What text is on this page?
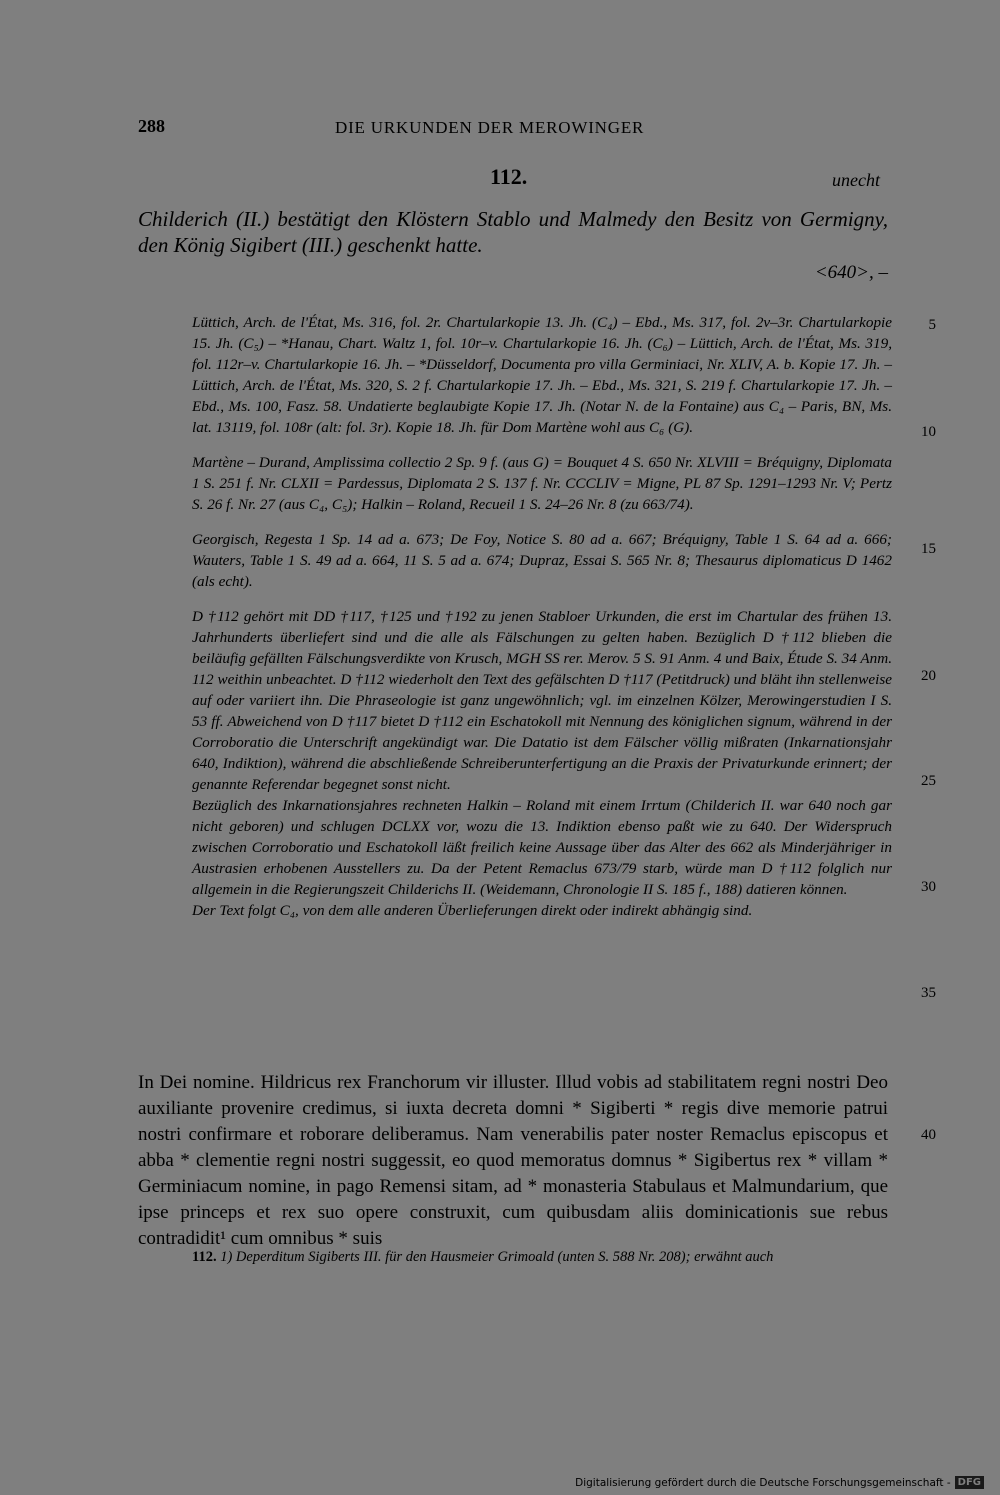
288	DIE URKUNDEN DER MEROWINGER
112.	unecht
Childerich (II.) bestätigt den Klöstern Stablo und Malmedy den Besitz von Germigny, den König Sigibert (III.) geschenkt hatte.
<640>, –

Lüttich, Arch. de l'État, Ms. 316, fol. 2r. Chartularkopie 13. Jh. (C₄) – Ebd., Ms. 317, fol. 2v–3r. Chartularkopie 15. Jh. (C₅) – *Hanau, Chart. Waltz 1, fol. 10r–v. Chartularkopie 16. Jh. (C₆) – Lüttich, Arch. de l'État, Ms. 319, fol. 112r–v. Chartularkopie 16. Jh. – *Düsseldorf, Documenta pro villa Germiniaci, Nr. XLIV, A. b. Kopie 17. Jh. – Lüttich, Arch. de l'État, Ms. 320, S. 2 f. Chartularkopie 17. Jh. – Ebd., Ms. 321, S. 219 f. Chartularkopie 17. Jh. – Ebd., Ms. 100, Fasz. 58. Undatierte beglaubigte Kopie 17. Jh. (Notar N. de la Fontaine) aus C₄ – Paris, BN, Ms. lat. 13119, fol. 108r (alt: fol. 3r). Kopie 18. Jh. für Dom Martène wohl aus C₆ (G).

Martène – Durand, Amplissima collectio 2 Sp. 9 f. (aus G) = Bouquet 4 S. 650 Nr. XLVIII = Bréquigny, Diplomata 1 S. 251 f. Nr. CLXII = Pardessus, Diplomata 2 S. 137 f. Nr. CCCLIV = Migne, PL 87 Sp. 1291–1293 Nr. V; Pertz S. 26 f. Nr. 27 (aus C₄, C₅); Halkin – Roland, Recueil 1 S. 24–26 Nr. 8 (zu 663/74).

Georgisch, Regesta 1 Sp. 14 ad a. 673; De Foy, Notice S. 80 ad a. 667; Bréquigny, Table 1 S. 64 ad a. 666; Wauters, Table 1 S. 49 ad a. 664, 11 S. 5 ad a. 674; Dupraz, Essai S. 565 Nr. 8; Thesaurus diplomaticus D 1462 (als echt).

D †112 gehört mit DD †117, †125 und †192 zu jenen Stabloer Urkunden, die erst im Chartular des frühen 13. Jahrhunderts überliefert sind und die alle als Fälschungen zu gelten haben. Bezüglich D †112 blieben die beiläufig gefällten Fälschungsverdikte von Krusch, MGH SS rer. Merov. 5 S. 91 Anm. 4 und Baix, Étude S. 34 Anm. 112 weithin unbeachtet. D †112 wiederholt den Text des gefälschten D †117 (Petitdruck) und bläht ihn stellenweise auf oder variiert ihn. Die Phraseologie ist ganz ungewöhnlich; vgl. im einzelnen Kölzer, Merowingerstudien I S. 53 ff. Abweichend von D †117 bietet D †112 ein Eschatokoll mit Nennung des königlichen signum, während in der Corroboratio die Unterschrift angekündigt war. Die Datatio ist dem Fälscher völlig mißraten (Inkarnationsjahr 640, Indiktion), während die abschließende Schreiberunterfertigung an die Praxis der Privaturkunde erinnert; der genannte Referendar begegnet sonst nicht.

Bezüglich des Inkarnationsjahres rechneten Halkin – Roland mit einem Irrtum (Childerich II. war 640 noch gar nicht geboren) und schlugen DCLXX vor, wozu die 13. Indiktion ebenso paßt wie zu 640. Der Widerspruch zwischen Corroboratio und Eschatokoll läßt freilich keine Aussage über das Alter des 662 als Minderjähriger in Austrasien erhobenen Ausstellers zu. Da der Petent Remaclus 673/79 starb, würde man D †112 folglich nur allgemein in die Regierungszeit Childerichs II. (Weidemann, Chronologie II S. 185 f., 188) datieren können.

Der Text folgt C₄, von dem alle anderen Überlieferungen direkt oder indirekt abhängig sind.

5
10
15
20
25
30
35
40
In Dei nomine. Hildricus rex Franchorum vir illuster. Illud vobis ad stabilitatem regni nostri Deo auxiliante provenire credimus, si iuxta decreta domni * Sigiberti * regis dive memorie patrui nostri confirmare et roborare deliberamus. Nam venerabilis pater noster Remaclus episcopus et abba * clementie regni nostri suggessit, eo quod memoratus domnus * Sigibertus rex * villam * Germiniacum nomine, in pago Remensi sitam, ad * monasteria Stabulaus et Malmundarium, que ipse princeps et rex suo opere construxit, cum quibusdam aliis dominicationis sue rebus contradidit¹ cum omnibus * suis
112. 1) Deperditum Sigiberts III. für den Hausmeier Grimoald (unten S. 588 Nr. 208); erwähnt auch
Digitalisierung gefördert durch die Deutsche Forschungsgemeinschaft - DFG
